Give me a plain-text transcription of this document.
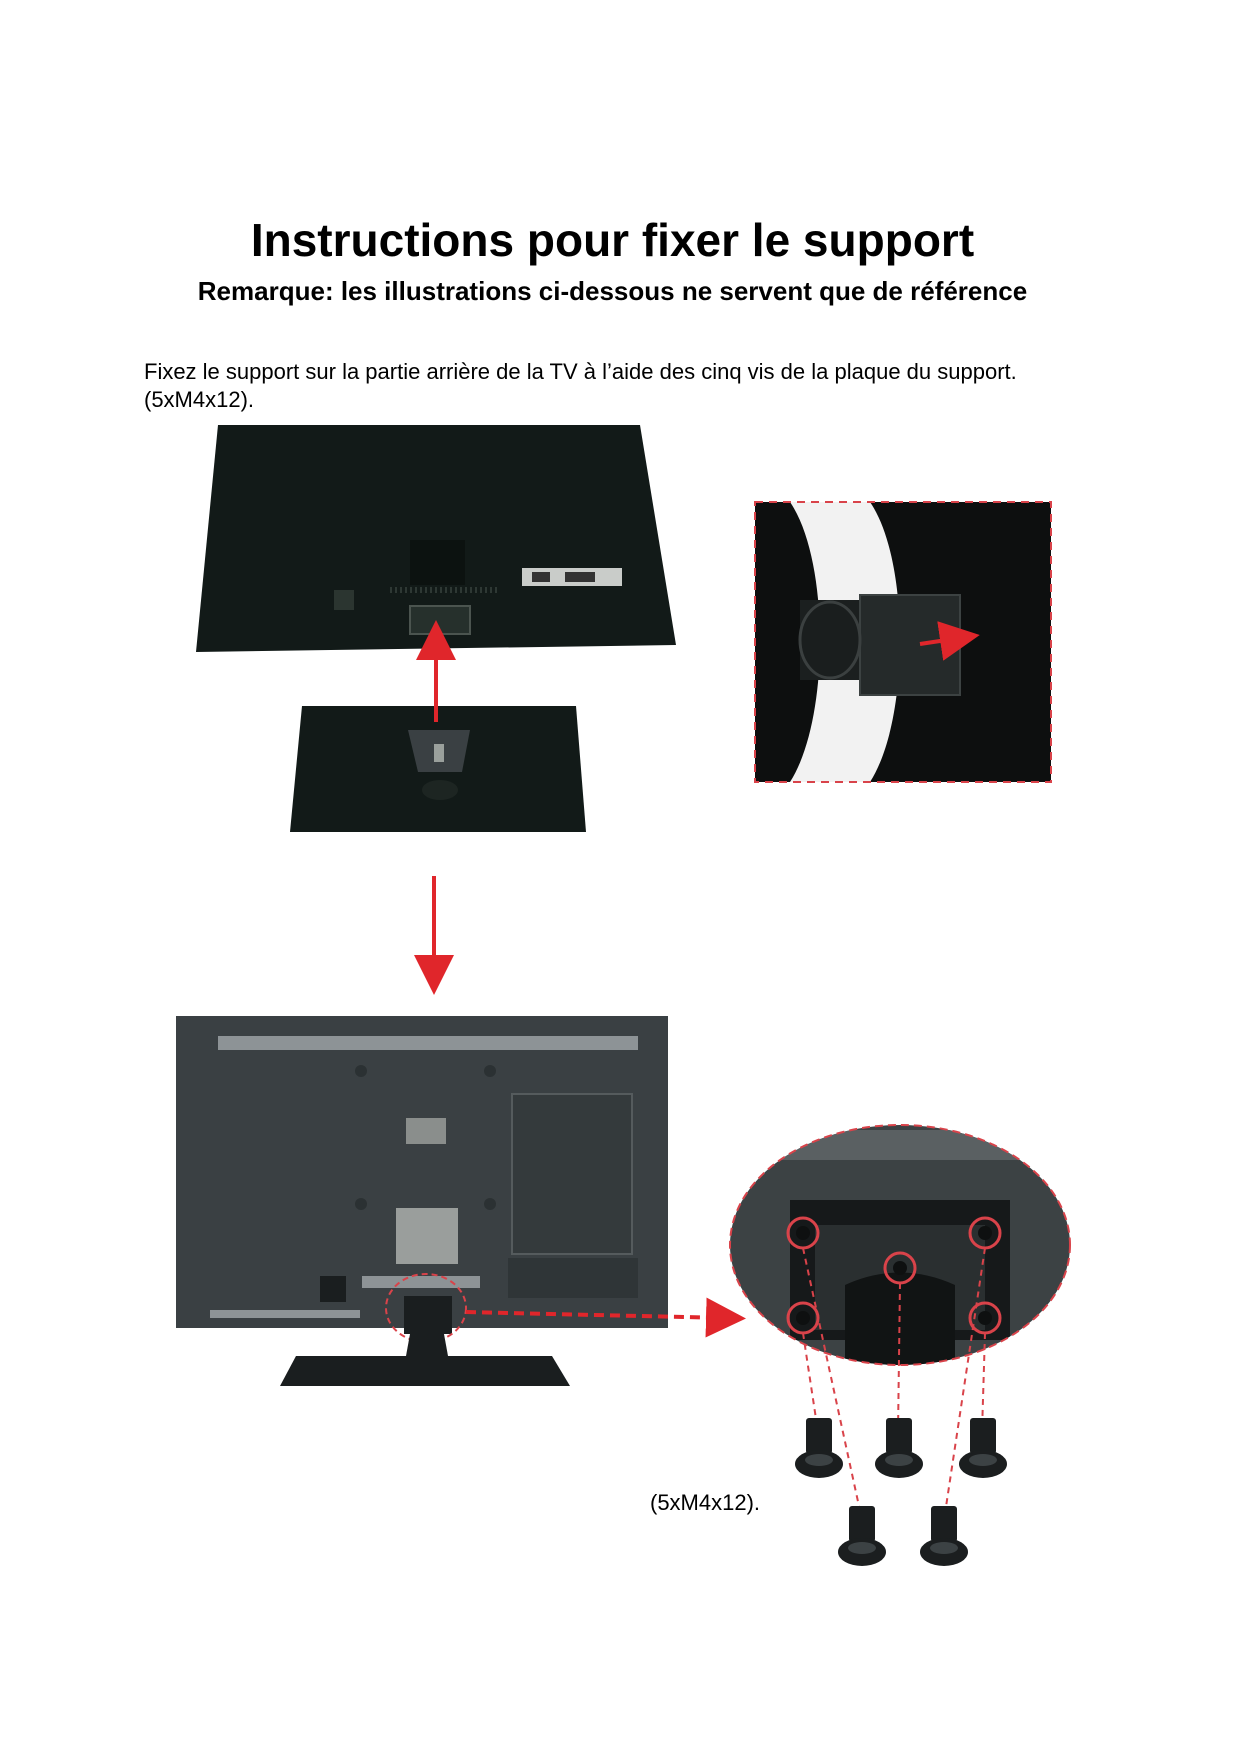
Instructions pour fixer le support
Remarque: les illustrations ci-dessous ne servent que de référence

Fixez le support sur la partie arrière de la TV à l’aide des cinq vis de la plaque du support.
(5xM4x12).

(5xM4x12).
